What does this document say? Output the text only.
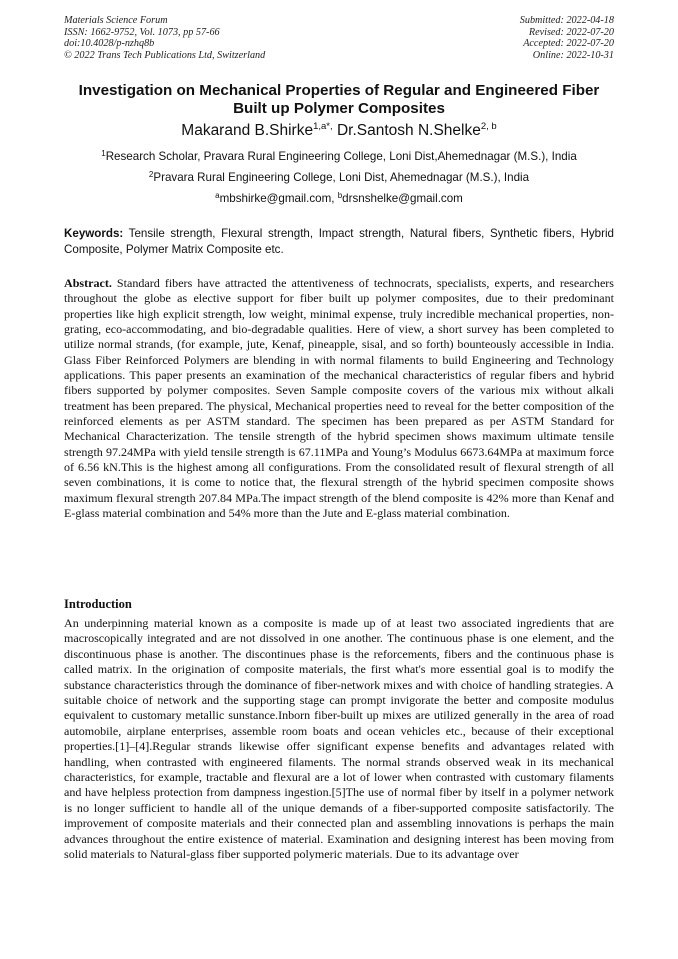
Materials Science Forum
ISSN: 1662-9752, Vol. 1073, pp 57-66
doi:10.4028/p-nzhq8b
© 2022 Trans Tech Publications Ltd, Switzerland
Submitted: 2022-04-18
Revised: 2022-07-20
Accepted: 2022-07-20
Online: 2022-10-31
Investigation on Mechanical Properties of Regular and Engineered Fiber Built up Polymer Composites
Makarand B.Shirke$^{1,a*,}$ Dr.Santosh N.Shelke$^{2, b}$
$^1$Research Scholar, Pravara Rural Engineering College, Loni Dist,Ahemednagar (M.S.), India
$^2$Pravara Rural Engineering College, Loni Dist, Ahemednagar (M.S.), India
$^a$mbshirke@gmail.com, $^b$drsnshelke@gmail.com
Keywords: Tensile strength, Flexural strength, Impact strength, Natural fibers, Synthetic fibers, Hybrid Composite, Polymer Matrix Composite etc.
Abstract. Standard fibers have attracted the attentiveness of technocrats, specialists, experts, and researchers throughout the globe as elective support for fiber built up polymer composites, due to their predominant properties like high explicit strength, low weight, minimal expense, truly incredible mechanical properties, non-grating, eco-accommodating, and bio-degradable qualities. Here of view, a short survey has been completed to utilize normal strands, (for example, jute, Kenaf, pineapple, sisal, and so forth) bounteously accessible in India. Glass Fiber Reinforced Polymers are blending in with normal filaments to build Engineering and Technology applications. This paper presents an examination of the mechanical characteristics of regular fibers and hybrid fibers supported by polymer composites. Seven Sample composite covers of the various mix without alkali treatment has been prepared. The physical, Mechanical properties need to reveal for the better composition of the reinforced elements as per ASTM standard. The specimen has been prepared as per ASTM Standard for Mechanical Characterization. The tensile strength of the hybrid specimen shows maximum ultimate tensile strength 97.24MPa with yield tensile strength is 67.11MPa and Young’s Modulus 6673.64MPa at maximum force of 6.56 kN.This is the highest among all configurations. From the consolidated result of flexural strength of all seven combinations, it is come to notice that, the flexural strength of the hybrid specimen composite shows maximum flexural strength 207.84 MPa.The impact strength of the blend composite is 42% more than Kenaf and E-glass material combination and 54% more than the Jute and E-glass material combination.
Introduction
An underpinning material known as a composite is made up of at least two associated ingredients that are macroscopically integrated and are not dissolved in one another. The continuous phase is one element, and the discontinuous phase is another. The discontinues phase is the reforcements, fibers and the continuous phase is called matrix. In the origination of composite materials, the first what's more essential goal is to modify the substance characteristics through the dominance of fiber-network mixes and with choice of handling strategies. A suitable choice of network and the supporting stage can prompt invigorate the better and composite modulus equivalent to customary metallic sunstance.Inborn fiber-built up mixes are utilized generally in the area of road automobile, airplane enterprises, assemble room boats and ocean vehicles etc., because of their exceptional properties.[1]–[4].Regular strands likewise offer significant expense benefits and advantages related with handling, when contrasted with engineered filaments. The normal strands observed weak in its mechanical characteristics, for example, tractable and flexural are a lot of lower when contrasted with customary filaments and have helpless protection from dampness ingestion.[5]The use of normal fiber by itself in a polymer network is no longer sufficient to handle all of the unique demands of a fiber-supported composite satisfactorily. The improvement of composite materials and their connected plan and assembling innovations is perhaps the main advances throughout the entire existence of material. Examination and designing interest has been moving from solid materials to Natural-glass fiber supported polymeric materials. Due to its advantage over
